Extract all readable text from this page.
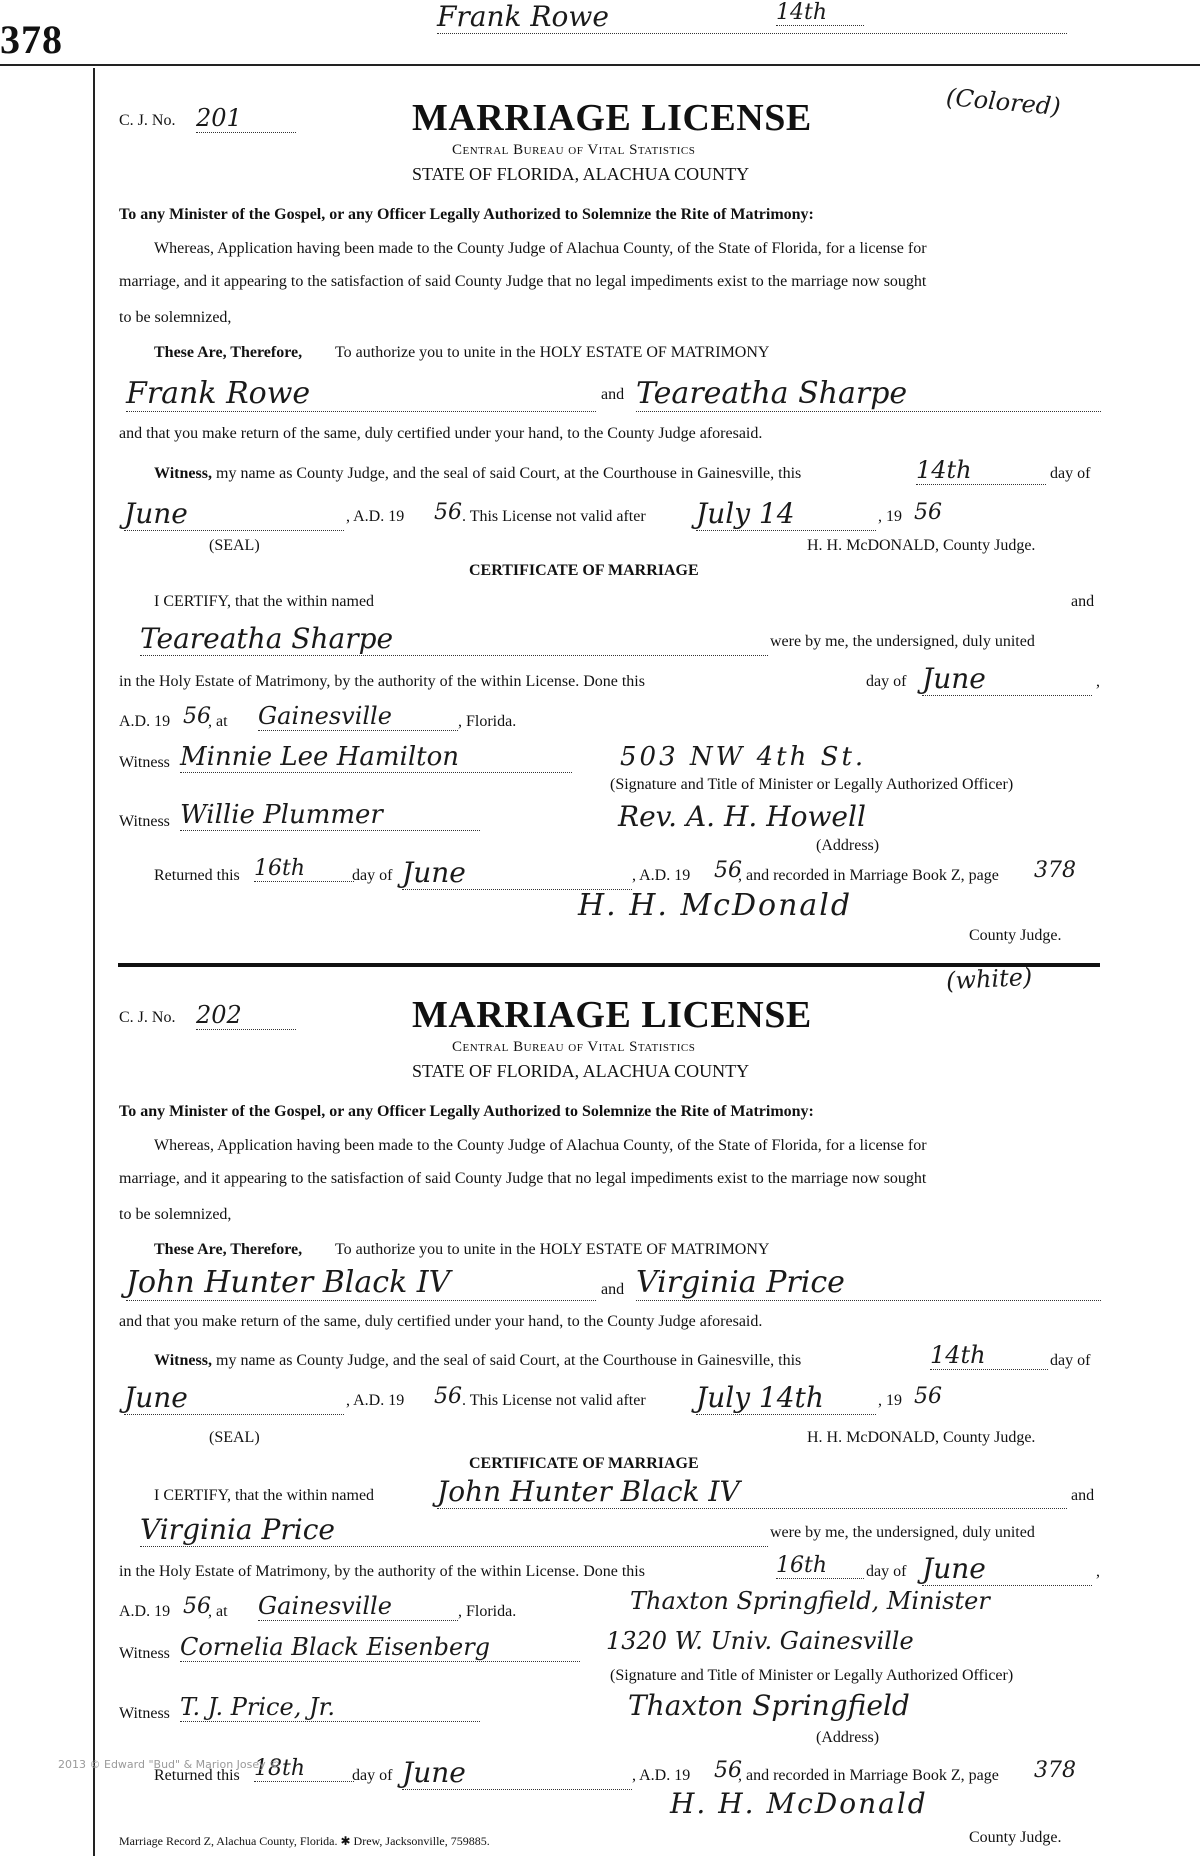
378
C. J. No. 201	MARRIAGE LICENSE	(Colored)
Central Bureau of Vital Statistics
STATE OF FLORIDA, ALACHUA COUNTY
To any Minister of the Gospel, or any Officer Legally Authorized to Solemnize the Rite of Matrimony:
Whereas, Application having been made to the County Judge of Alachua County, of the State of Florida, for a license for
marriage, and it appearing to the satisfaction of said County Judge that no legal impediments exist to the marriage now sought
to be solemnized,
These Are, Therefore, To authorize you to unite in the HOLY ESTATE OF MATRIMONY
Frank Rowe	and Teareatha Sharpe
and that you make return of the same, duly certified under your hand, to the County Judge aforesaid.
Witness, my name as County Judge, and the seal of said Court, at the Courthouse in Gainesville, this	14th	day of
June	, A.D. 19 56 . This License not valid after July 14	, 19 56
(SEAL)	H. H. McDONALD, County Judge.
CERTIFICATE OF MARRIAGE
I CERTIFY, that the within named
Frank Rowe
and
Teareatha Sharpe	were by me, the undersigned, duly united
in the Holy Estate of Matrimony, by the authority of the within License. Done this
14th
day of June	,
A.D. 19 56
, at Gainesville	, Florida.
Witness Minnie Lee Hamilton	503 NW 4th St.
(Signature and Title of Minister or Legally Authorized Officer)
Witness Willie Plummer	Rev. A. H. Howell
(Address)
Returned this 16th	day of June	, A.D. 19 56
, and recorded in Marriage Book Z, page 378
H. H. McDonald
County Judge.
C. J. No. 202	MARRIAGE LICENSE
(white)
Central Bureau of Vital Statistics
STATE OF FLORIDA, ALACHUA COUNTY
To any Minister of the Gospel, or any Officer Legally Authorized to Solemnize the Rite of Matrimony:
Whereas, Application having been made to the County Judge of Alachua County, of the State of Florida, for a license for
marriage, and it appearing to the satisfaction of said County Judge that no legal impediments exist to the marriage now sought
to be solemnized,
These Are, Therefore, To authorize you to unite in the HOLY ESTATE OF MATRIMONY
John Hunter Black IV	and Virginia Price
and that you make return of the same, duly certified under your hand, to the County Judge aforesaid.
Witness, my name as County Judge, and the seal of said Court, at the Courthouse in Gainesville, this	14th	day of
June	, A.D. 19 56 . This License not valid after July 14th	, 19 56
(SEAL)	H. H. McDONALD, County Judge.
CERTIFICATE OF MARRIAGE
I CERTIFY, that the within named John Hunter Black IV	and
Virginia Price	were by me, the undersigned, duly united
in the Holy Estate of Matrimony, by the authority of the within License. Done this	16th	day of June	,
A.D. 19 56
, at Gainesville	, Florida.	Thaxton Springfield, Minister
Witness Cornelia Black Eisenberg	1320 W. Univ. Gainesville
(Signature and Title of Minister or Legally Authorized Officer)
Witness T. J. Price, Jr.	Thaxton Springfield
(Address)
Returned this 18th	day of June	, A.D. 19 56
, and recorded in Marriage Book Z, page 378
H. H. McDonald
County Judge.
2013 © Edward "Bud" & Marion Josey ©
Marriage Record Z, Alachua County, Florida. ✱ Drew, Jacksonville, 759885.
